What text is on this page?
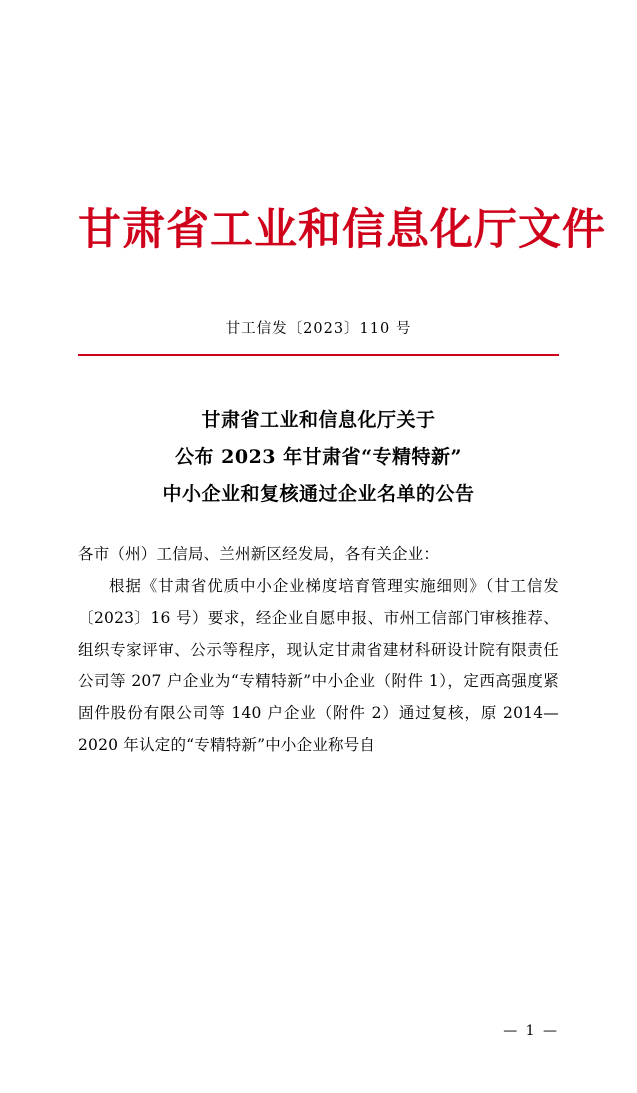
甘肃省工业和信息化厅文件
甘工信发〔2023〕110 号
甘肃省工业和信息化厅关于
公布 2023 年甘肃省“专精特新”
中小企业和复核通过企业名单的公告

各市（州）工信局、兰州新区经发局，各有关企业：

根据《甘肃省优质中小企业梯度培育管理实施细则》（甘工信发〔2023〕16 号）要求，经企业自愿申报、市州工信部门审核推荐、组织专家评审、公示等程序，现认定甘肃省建材科研设计院有限责任公司等 207 户企业为“专精特新”中小企业（附件 1），定西高强度紧固件股份有限公司等 140 户企业（附件 2）通过复核，原 2014—2020 年认定的“专精特新”中小企业称号自

— 1 —
